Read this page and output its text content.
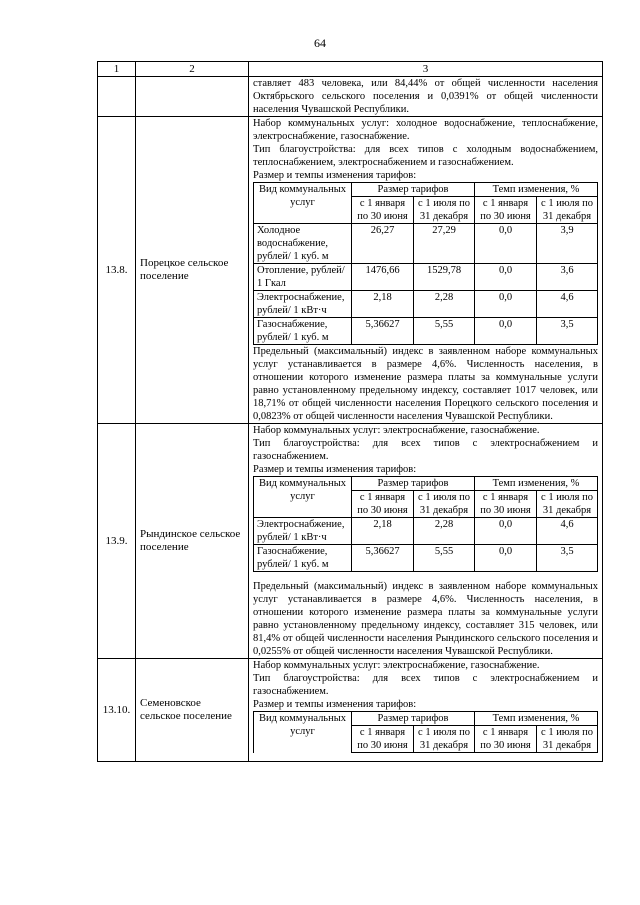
64
1	2	3

ставляет 483 человека, или 84,44% от общей численности населения Октябрьского сельского поселения и 0,0391% от общей численности населения Чувашской Республики.

13.8.	Порецкое сельское поселение	

Набор коммунальных услуг: холодное водоснабжение, теплоснабжение, электроснабжение, газоснабжение.

Тип благоустройства: для всех типов с холодным водоснабжением, теплоснабжением, электроснабжением и газоснабжением.

Размер и темпы изменения тарифов:

Вид коммунальных услуг	Размер тарифов	Темп изменения, %
с 1 января по 30 июня	с 1 июля по 31 декабря	с 1 января по 30 июня	с 1 июля по 31 декабря
Холодное водоснабжение, рублей/ 1 куб. м	26,27	27,29	0,0	3,9
Отопление, рублей/ 1 Гкал	1476,66	1529,78	0,0	3,6
Электроснабжение, рублей/ 1 кВт·ч	2,18	2,28	0,0	4,6
Газоснабжение, рублей/ 1 куб. м	5,36627	5,55	0,0	3,5
Предельный (максимальный) индекс в заявленном наборе коммунальных услуг устанавливается в размере 4,6%. Численность населения, в отношении которого изменение размера платы за коммунальные услуги равно установленному предельному индексу, составляет 1017 человек, или 18,71% от общей численности населения Порецкого сельского поселения и 0,0823% от общей численности населения Чувашской Республики.

13.9.	Рындинское сельское поселение	

Набор коммунальных услуг: электроснабжение, газоснабжение.

Тип благоустройства: для всех типов с электроснабжением и газоснабжением.

Размер и темпы изменения тарифов:

Вид коммунальных услуг	Размер тарифов	Темп изменения, %
с 1 января по 30 июня	с 1 июля по 31 декабря	с 1 января по 30 июня	с 1 июля по 31 декабря
Электроснабжение, рублей/ 1 кВт·ч	2,18	2,28	0,0	4,6
Газоснабжение, рублей/ 1 куб. м	5,36627	5,55	0,0	3,5
Предельный (максимальный) индекс в заявленном наборе коммунальных услуг устанавливается в размере 4,6%. Численность населения, в отношении которого изменение размера платы за коммунальные услуги равно установленному предельному индексу, составляет 315 человек, или 81,4% от общей численности населения Рындинского сельского поселения и 0,0255% от общей численности населения Чувашской Республики.

13.10.	Семеновское сельское поселение	

Набор коммунальных услуг: электроснабжение, газоснабжение.

Тип благоустройства: для всех типов с электроснабжением и газоснабжением.

Размер и темпы изменения тарифов:

Вид коммунальных услуг	Размер тарифов	Темп изменения, %
с 1 января по 30 июня	с 1 июля по 31 декабря	с 1 января по 30 июня	с 1 июля по 31 декабря
